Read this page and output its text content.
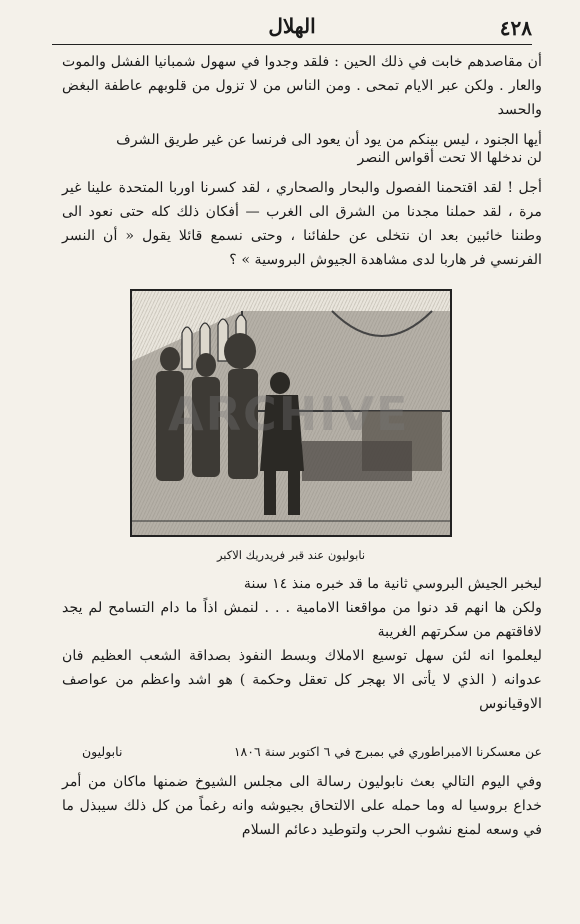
٤٢٨
الهلال

أن مقاصدهم خابت في ذلك الحين : فلقد وجدوا في سهول شمبانيا الفشل والموت والعار . ولكن عبر الايام تمحى . ومن الناس من لا تزول من قلوبهم عاطفة البغض والحسد

أيها الجنود ، ليس بينكم من يود أن يعود الى فرنسا عن غير طريق الشرف

لن ندخلها الا تحت أقواس النصر

أجل ! لقد اقتحمنا الفصول والبحار والصحاري ، لقد كسرنا اوربا المتحدة علينا غير مرة ، لقد حملنا مجدنا من الشرق الى الغرب — أفكان ذلك كله حتى نعود الى وطننا خائبين بعد ان نتخلى عن حلفائنا ، وحتى نسمع قائلا يقول « أن النسر الفرنسي فر هاربا لدى مشاهدة الجيوش البروسية » ؟

ARCHIVE
نابوليون عند قبر فريدريك الاكبر

ليخبر الجيش البروسي ثانية ما قد خبره منذ ١٤ سنة

ولكن ها انهم قد دنوا من مواقعنا الامامية . . . لنمش اذاً ما دام التسامح لم يجد لافاقتهم من سكرتهم الغريبة

ليعلموا انه لئن سهل توسيع الاملاك وبسط النفوذ بصداقة الشعب العظيم فان عدوانه ( الذي لا يأتى الا بهجر كل تعقل وحكمة ) هو اشد واعظم من عواصف الاوقيانوس

عن معسكرنا الامبراطوري في بمبرج في ٦ اكتوبر سنة ١٨٠٦
نابوليون

وفي اليوم التالي بعث نابوليون رسالة الى مجلس الشيوخ ضمنها ماكان من أمر خداع بروسيا له وما حمله على الالتحاق بجيوشه وانه رغماً من كل ذلك سيبذل ما في وسعه لمنع نشوب الحرب ولتوطيد دعائم السلام
